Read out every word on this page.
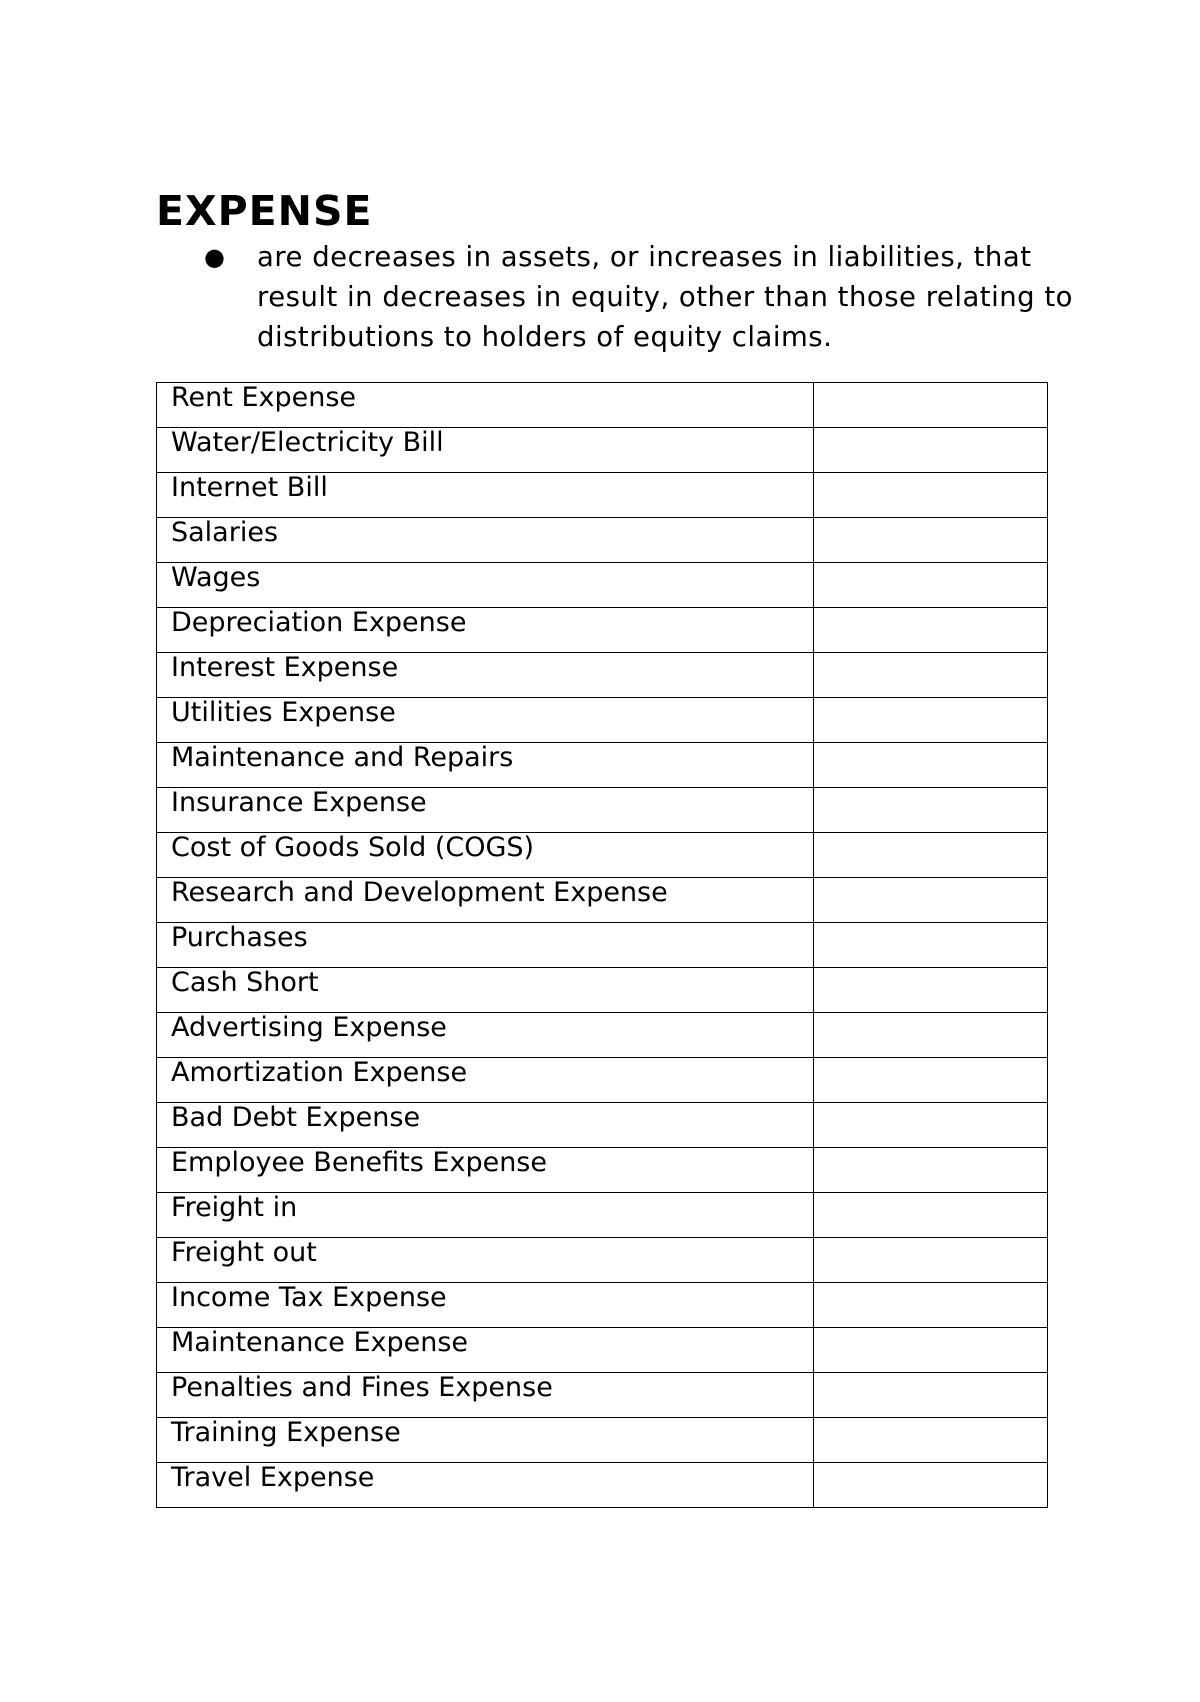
EXPENSE
● are decreases in assets, or increases in liabilities, that result in decreases in equity, other than those relating to distributions to holders of equity claims.
Rent Expense	
Water/Electricity Bill	
Internet Bill	
Salaries	
Wages	
Depreciation Expense	
Interest Expense	
Utilities Expense	
Maintenance and Repairs	
Insurance Expense	
Cost of Goods Sold (COGS)	
Research and Development Expense	
Purchases	
Cash Short	
Advertising Expense	
Amortization Expense	
Bad Debt Expense	
Employee Benefits Expense	
Freight in	
Freight out	
Income Tax Expense	
Maintenance Expense	
Penalties and Fines Expense	
Training Expense	
Travel Expense	
